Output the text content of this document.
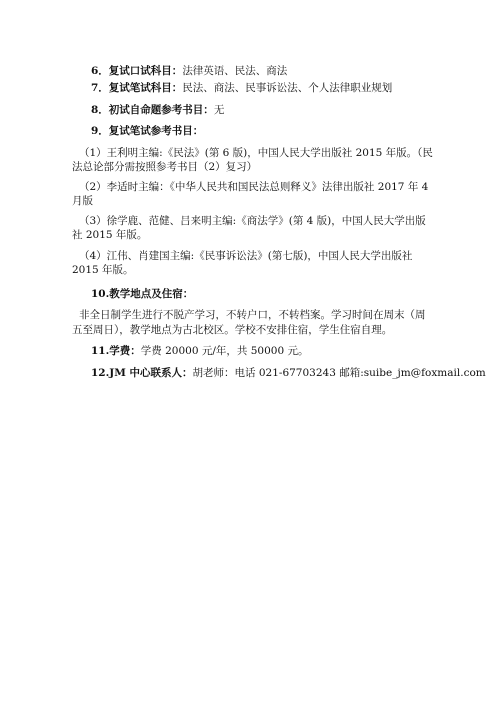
6．复试口试科目：法律英语、民法、商法
7．复试笔试科目：民法、商法、民事诉讼法、个人法律职业规划
8．初试自命题参考书目：无
9．复试笔试参考书目：
（1）王利明主编:《民法》(第 6 版)，中国人民大学出版社 2015 年版。（民
法总论部分需按照参考书目（2）复习）
（2）李适时主编：《中华人民共和国民法总则释义》法律出版社 2017 年 4
月版
（3）徐学鹿、范健、吕来明主编:《商法学》(第 4 版)，中国人民大学出版
社 2015 年版。
（4）江伟、肖建国主编:《民事诉讼法》(第七版)，中国人民大学出版社
2015 年版。
10.教学地点及住宿：
非全日制学生进行不脱产学习，不转户口，不转档案。学习时间在周末（周
五至周日），教学地点为古北校区。学校不安排住宿，学生住宿自理。
11.学费：学费 20000 元/年，共 50000 元。
12.JM 中心联系人：胡老师：电话 021-67703243 邮箱:suibe_jm@foxmail.com
